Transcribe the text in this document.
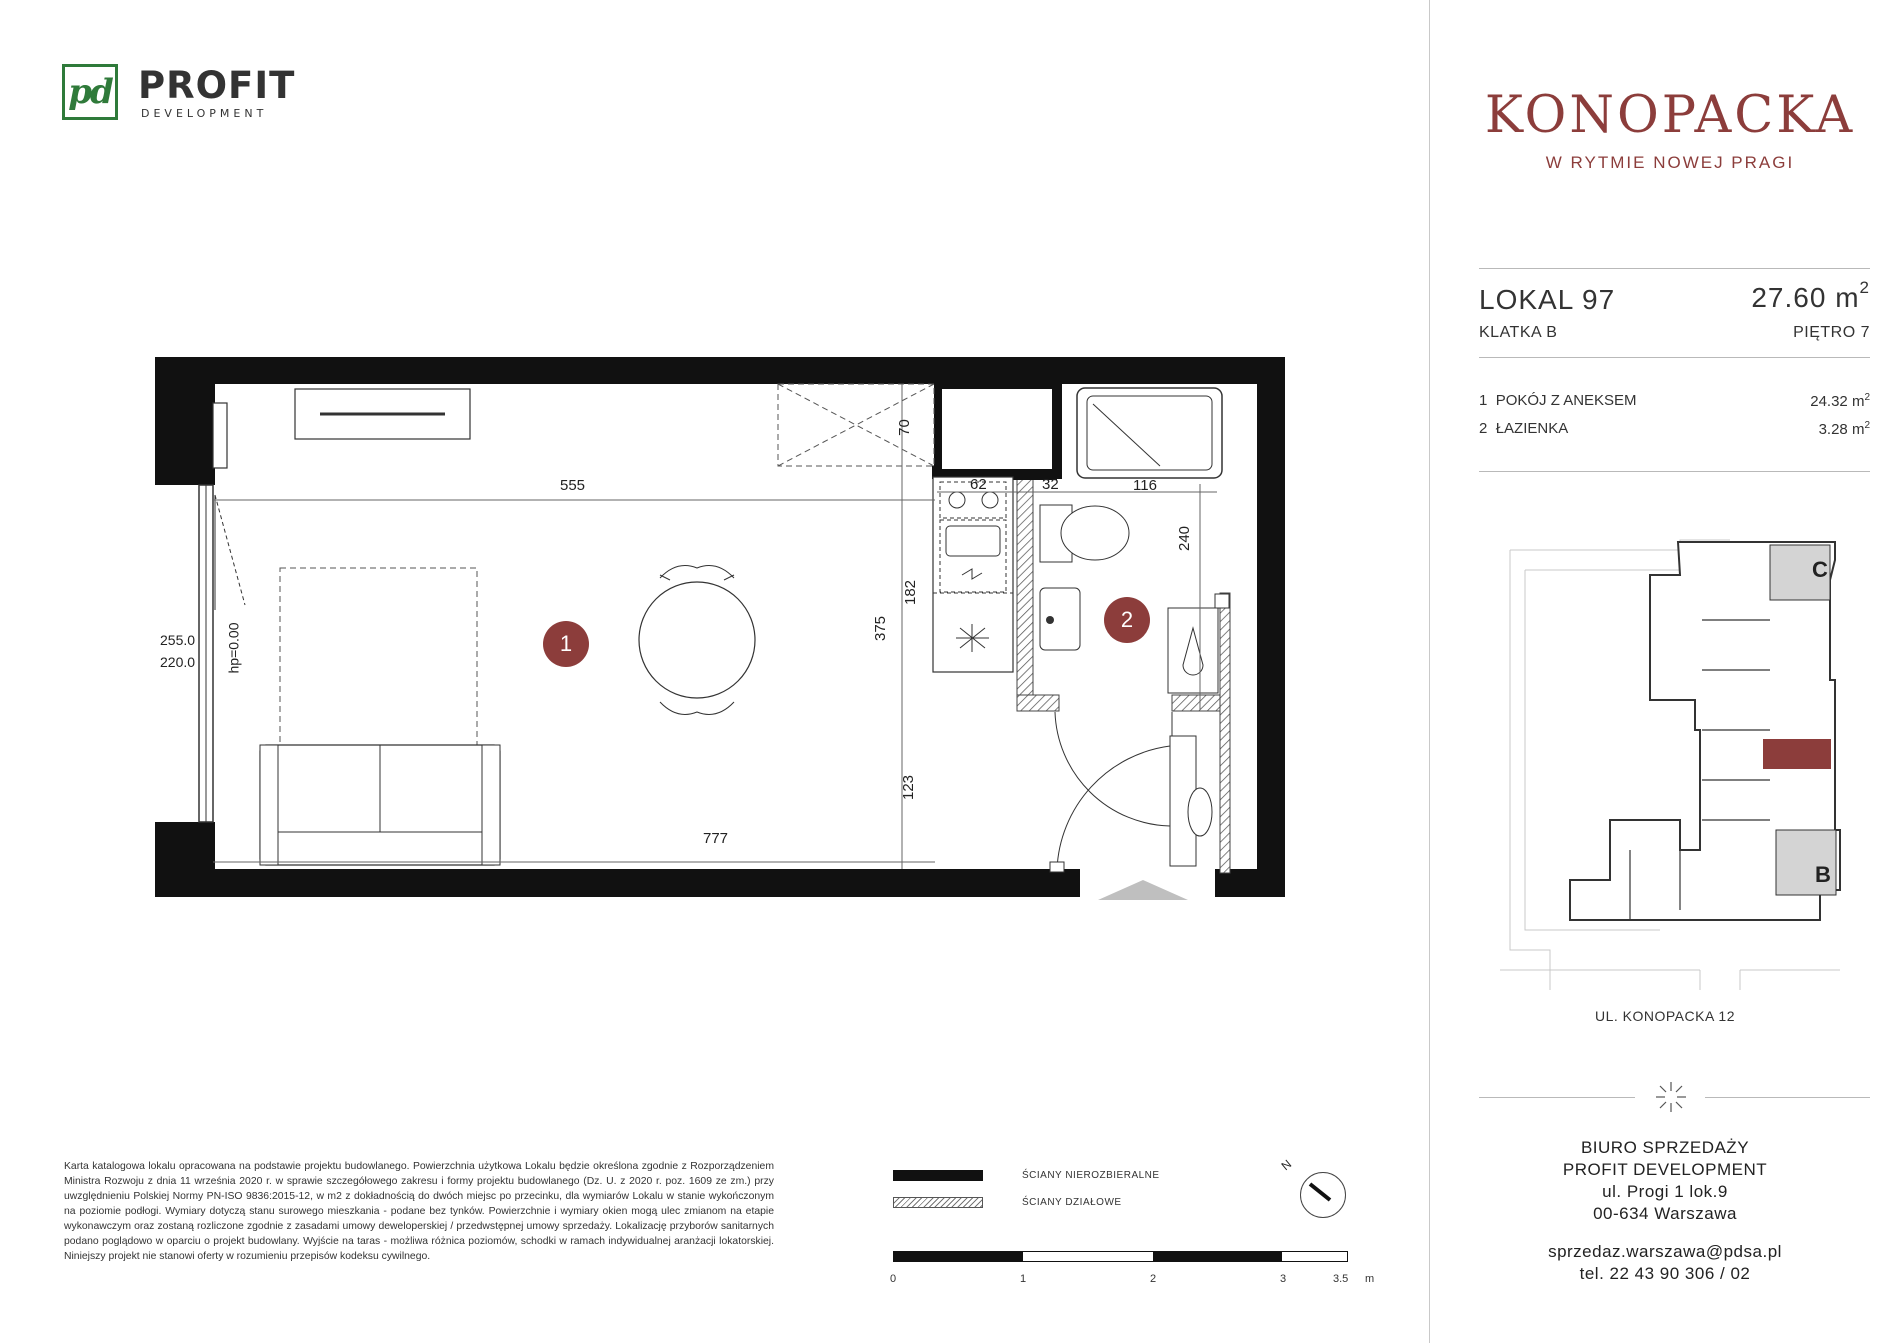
pd PROFIT
DEVELOPMENT
555
777
62	32	116
70
182
375
123
240
255.0
220.0 hp=0.00	1
2
KONOPACKA
W RYTMIE NOWEJ PRAGI
LOKAL 97	27.60 $m^2$
KLATKA B	PIĘTRO 7
1 POKÓJ Z ANEKSEM	24.32 $m^2$
2 ŁAZIENKA	3.28 $m^2$
C
B
UL. KONOPACKA 12
BIURO SPRZEDAŻY
PROFIT DEVELOPMENT
ul. Progi 1 lok.9
00-634 Warszawa
sprzedaz.warszawa@pdsa.pl
tel. 22 43 90 306 / 02
Karta katalogowa lokalu opracowana na podstawie projektu budowlanego. Powierzchnia użytkowa Lokalu będzie określona zgodnie z Rozporządzeniem Ministra Rozwoju z dnia 11 września 2020 r. w sprawie szczegółowego zakresu i formy projektu budowlanego (Dz. U. z 2020 r. poz. 1609 ze zm.) przy uwzględnieniu Polskiej Normy PN-ISO 9836:2015-12, w m2 z dokładnością do dwóch miejsc po przecinku, dla wymiarów Lokalu w stanie wykończonym na poziomie podłogi. Wymiary dotyczą stanu surowego mieszkania - podane bez tynków. Powierzchnie i wymiary okien mogą ulec zmianom na etapie wykonawczym oraz zostaną rozliczone zgodnie z zasadami umowy deweloperskiej / przedwstępnej umowy sprzedaży. Lokalizację przyborów sanitarnych podano poglądowo w oparciu o projekt budowlany. Wyjście na taras - możliwa różnica poziomów, schodki w ramach indywidualnej aranżacji lokatorskiej. Niniejszy projekt nie stanowi oferty w rozumieniu przepisów kodeksu cywilnego.
ŚCIANY NIEROZBIERALNE
ŚCIANY DZIAŁOWE
0	1	2	3	3.5 m
N
